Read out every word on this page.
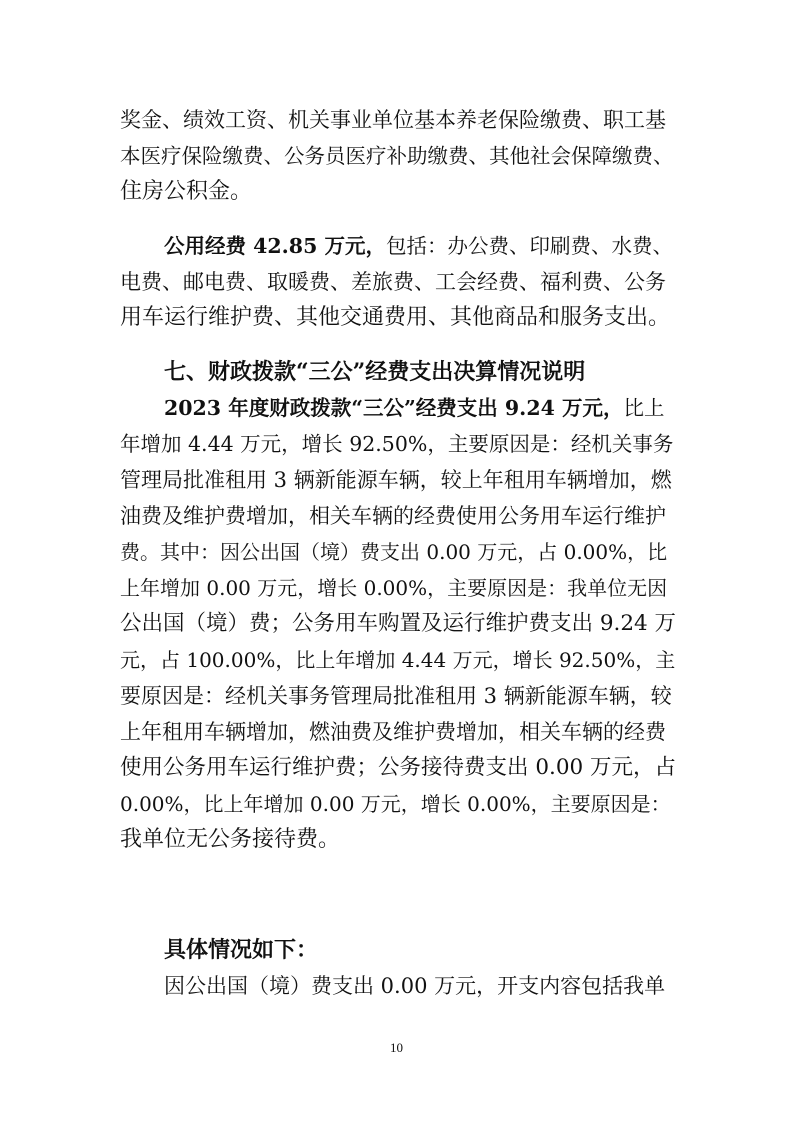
奖金、绩效工资、机关事业单位基本养老保险缴费、职工基
本医疗保险缴费、公务员医疗补助缴费、其他社会保障缴费、
住房公积金。

公用经费 42.85 万元，包括：办公费、印刷费、水费、
电费、邮电费、取暖费、差旅费、工会经费、福利费、公务
用车运行维护费、其他交通费用、其他商品和服务支出。

七、财政拨款“三公”经费支出决算情况说明

2023 年度财政拨款“三公”经费支出 9.24 万元，比上
年增加 4.44 万元，增长 92.50%，主要原因是：经机关事务
管理局批准租用 3 辆新能源车辆，较上年租用车辆增加，燃
油费及维护费增加，相关车辆的经费使用公务用车运行维护
费。其中：因公出国（境）费支出 0.00 万元，占 0.00%，比
上年增加 0.00 万元，增长 0.00%，主要原因是：我单位无因
公出国（境）费；公务用车购置及运行维护费支出 9.24 万
元，占 100.00%，比上年增加 4.44 万元，增长 92.50%，主
要原因是：经机关事务管理局批准租用 3 辆新能源车辆，较
上年租用车辆增加，燃油费及维护费增加，相关车辆的经费
使用公务用车运行维护费；公务接待费支出 0.00 万元，占
0.00%，比上年增加 0.00 万元，增长 0.00%，主要原因是：
我单位无公务接待费。

具体情况如下：

因公出国（境）费支出 0.00 万元，开支内容包括我单

10
